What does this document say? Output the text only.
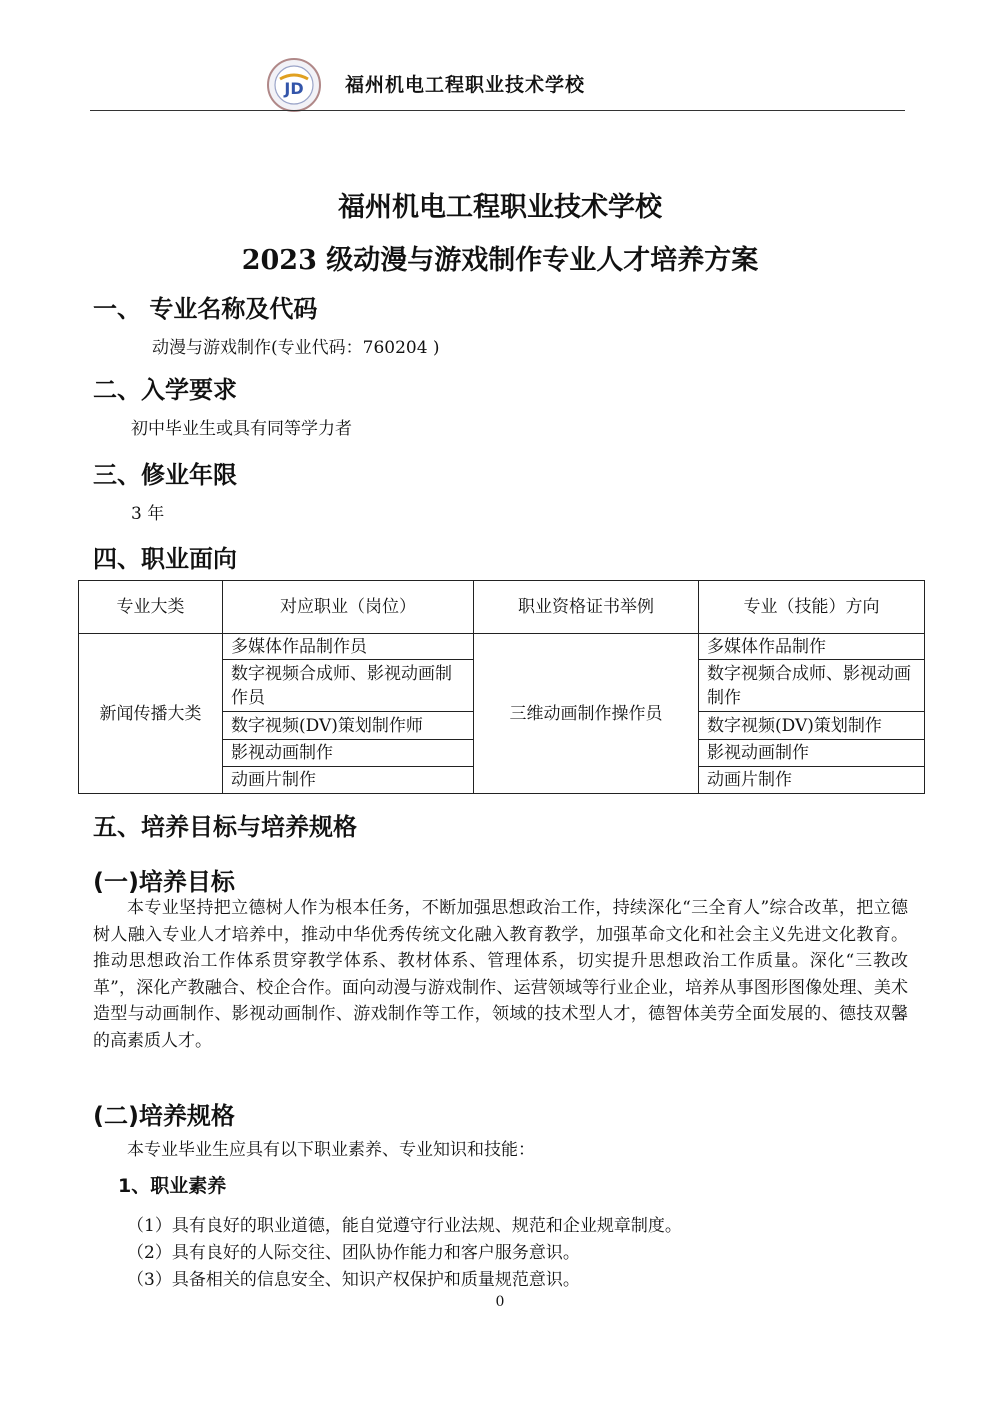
JD 福州机电工程职业技术学校
福州机电工程职业技术学校
2023 级动漫与游戏制作专业人才培养方案
一、 专业名称及代码
动漫与游戏制作(专业代码：760204 )
二、入学要求
初中毕业生或具有同等学力者
三、修业年限
3 年
四、职业面向
专业大类	对应职业（岗位）	职业资格证书举例	专业（技能）方向
新闻传播大类	多媒体作品制作员	三维动画制作操作员	多媒体作品制作
	数字视频合成师、影视动画制作员		数字视频合成师、影视动画制作
	数字视频(DV)策划制作师		数字视频(DV)策划制作
	影视动画制作		影视动画制作
	动画片制作		动画片制作
五、培养目标与培养规格
(一)培养目标
本专业坚持把立德树人作为根本任务，不断加强思想政治工作，持续深化“三全育人”综合改革，把立德树人融入专业人才培养中，推动中华优秀传统文化融入教育教学，加强革命文化和社会主义先进文化教育。推动思想政治工作体系贯穿教学体系、教材体系、管理体系，切实提升思想政治工作质量。深化“三教改革”，深化产教融合、校企合作。面向动漫与游戏制作、运营领域等行业企业，培养从事图形图像处理、美术造型与动画制作、影视动画制作、游戏制作等工作，领域的技术型人才，德智体美劳全面发展的、德技双馨的高素质人才。
(二)培养规格
本专业毕业生应具有以下职业素养、专业知识和技能：
1、职业素养
（1）具有良好的职业道德，能自觉遵守行业法规、规范和企业规章制度。
（2）具有良好的人际交往、团队协作能力和客户服务意识。
（3）具备相关的信息安全、知识产权保护和质量规范意识。
0
